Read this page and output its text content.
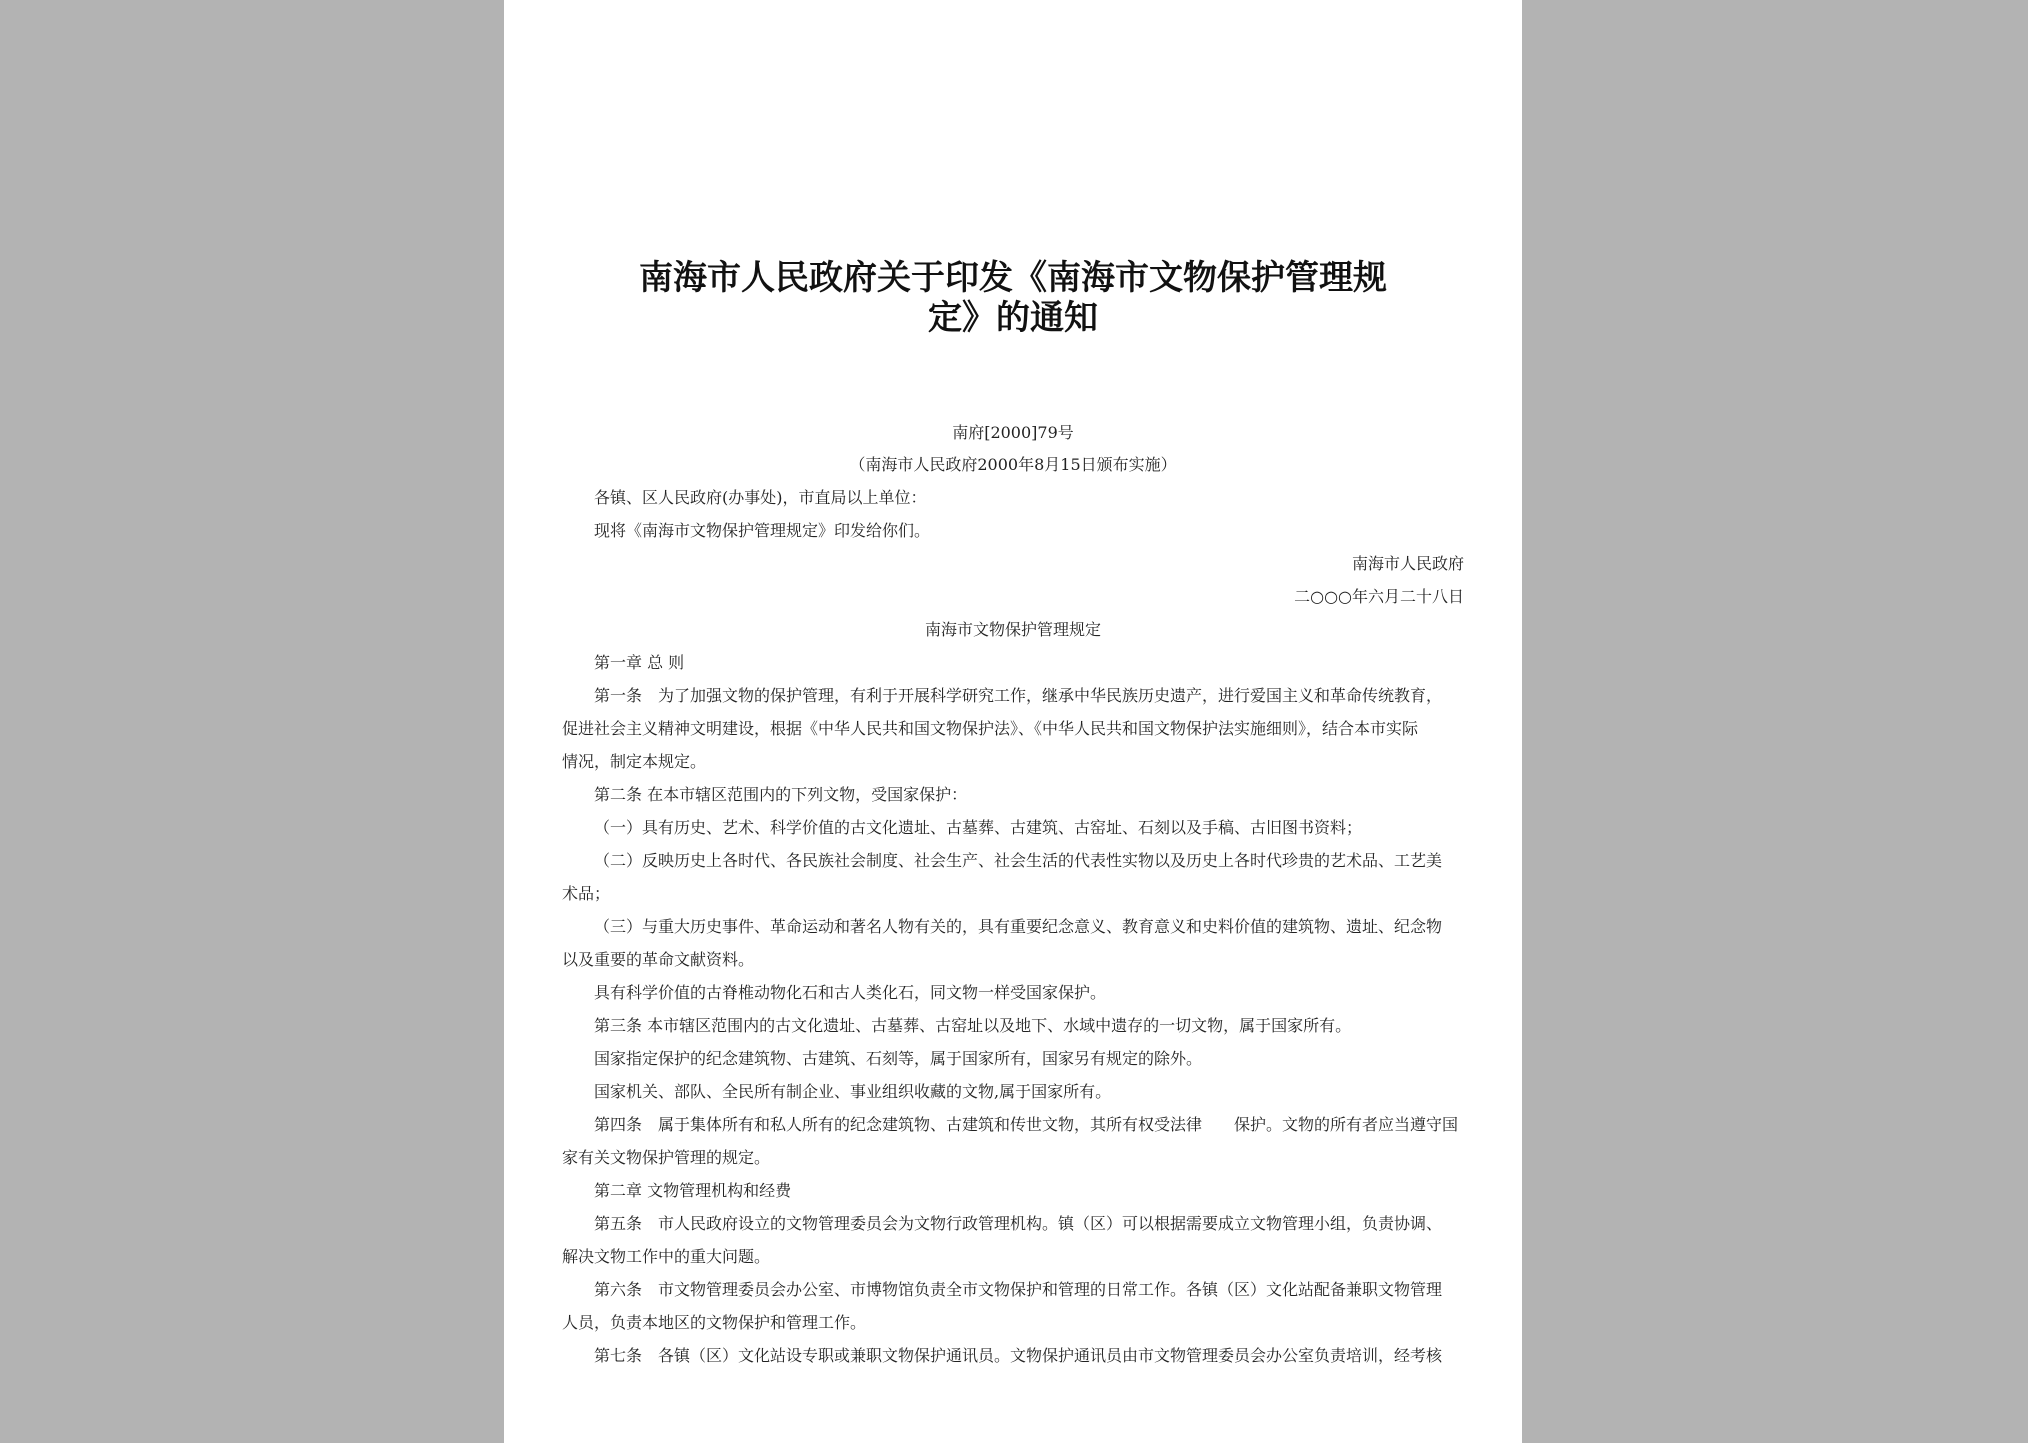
南海市人民政府关于印发《南海市文物保护管理规
定》的通知
南府[2000]79号
（南海市人民政府2000年8月15日颁布实施）
各镇、区人民政府(办事处)，市直局以上单位：
现将《南海市文物保护管理规定》印发给你们。
南海市人民政府
二○○○年六月二十八日
南海市文物保护管理规定
第一章 总 则
第一条　为了加强文物的保护管理，有利于开展科学研究工作，继承中华民族历史遗产，进行爱国主义和革命传统教育，
促进社会主义精神文明建设，根据《中华人民共和国文物保护法》、《中华人民共和国文物保护法实施细则》，结合本市实际
情况，制定本规定。
第二条 在本市辖区范围内的下列文物，受国家保护：
（一）具有历史、艺术、科学价值的古文化遗址、古墓葬、古建筑、古窑址、石刻以及手稿、古旧图书资料；
（二）反映历史上各时代、各民族社会制度、社会生产、社会生活的代表性实物以及历史上各时代珍贵的艺术品、工艺美
术品；
（三）与重大历史事件、革命运动和著名人物有关的，具有重要纪念意义、教育意义和史料价值的建筑物、遗址、纪念物
以及重要的革命文献资料。
具有科学价值的古脊椎动物化石和古人类化石，同文物一样受国家保护。
第三条 本市辖区范围内的古文化遗址、古墓葬、古窑址以及地下、水域中遗存的一切文物，属于国家所有。
国家指定保护的纪念建筑物、古建筑、石刻等，属于国家所有，国家另有规定的除外。
国家机关、部队、全民所有制企业、事业组织收藏的文物,属于国家所有。
第四条　属于集体所有和私人所有的纪念建筑物、古建筑和传世文物，其所有权受法律　　保护。文物的所有者应当遵守国
家有关文物保护管理的规定。
第二章 文物管理机构和经费
第五条　市人民政府设立的文物管理委员会为文物行政管理机构。镇（区）可以根据需要成立文物管理小组，负责协调、
解决文物工作中的重大问题。
第六条　市文物管理委员会办公室、市博物馆负责全市文物保护和管理的日常工作。各镇（区）文化站配备兼职文物管理
人员，负责本地区的文物保护和管理工作。
第七条　各镇（区）文化站设专职或兼职文物保护通讯员。文物保护通讯员由市文物管理委员会办公室负责培训，经考核
